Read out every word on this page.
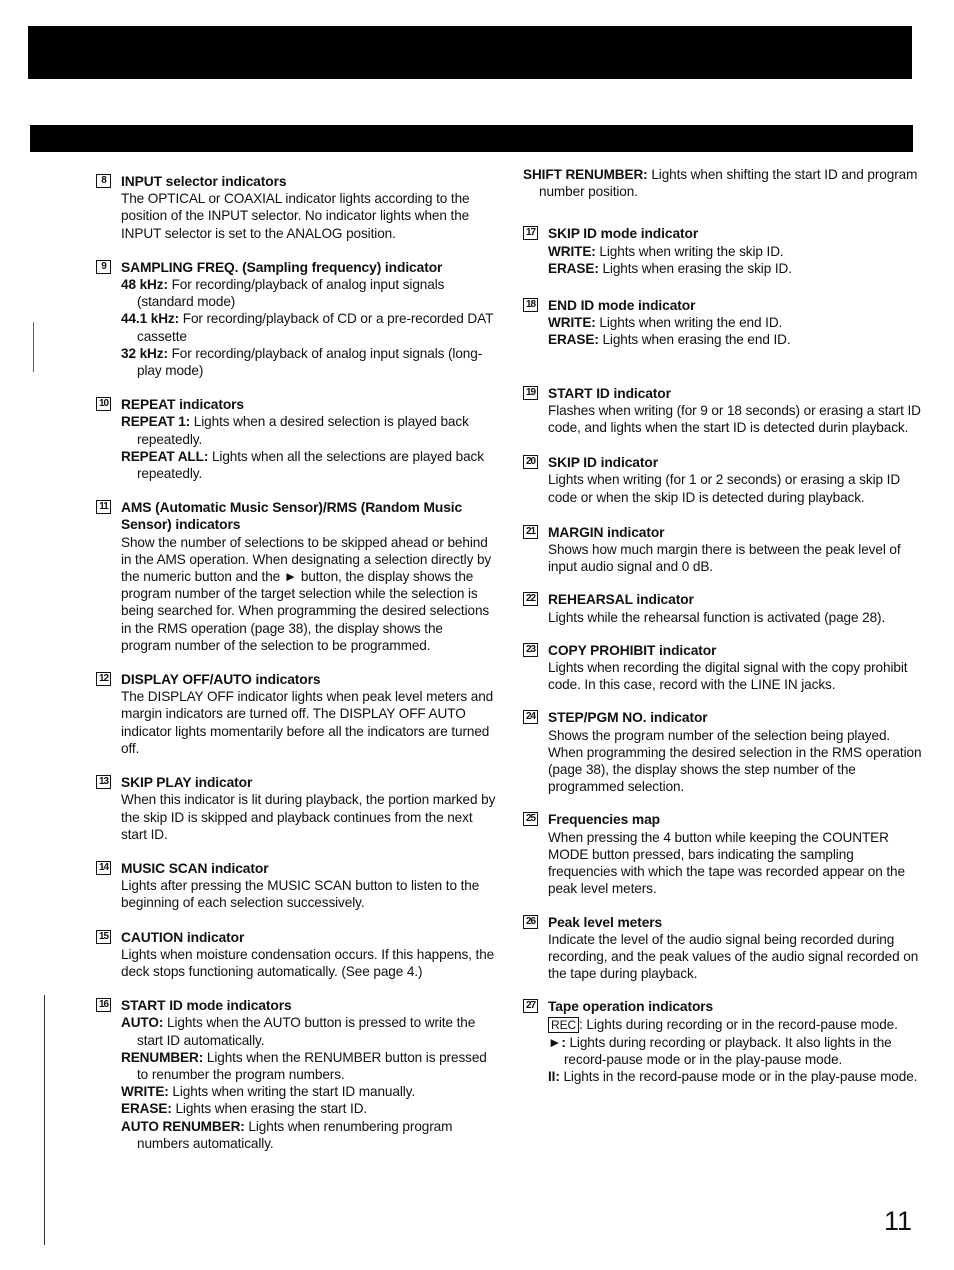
8	INPUT selector indicators

The OPTICAL or COAXIAL indicator lights according to the position of the INPUT selector. No indicator lights when the INPUT selector is set to the ANALOG position.

9	SAMPLING FREQ. (Sampling frequency) indicator

48 kHz: For recording/playback of analog input signals (standard mode)

44.1 kHz: For recording/playback of CD or a pre-recorded DAT cassette

32 kHz: For recording/playback of analog input signals (long-play mode)

10 REPEAT indicators

REPEAT 1: Lights when a desired selection is played back repeatedly.

REPEAT ALL: Lights when all the selections are played back repeatedly.

11 AMS (Automatic Music Sensor)/RMS (Random Music Sensor) indicators

Show the number of selections to be skipped ahead or behind in the AMS operation. When designating a selection directly by the numeric button and the ► button, the display shows the program number of the target selection while the selection is being searched for. When programming the desired selections in the RMS operation (page 38), the display shows the program number of the selection to be programmed.

12 DISPLAY OFF/AUTO indicators

The DISPLAY OFF indicator lights when peak level meters and margin indicators are turned off. The DISPLAY OFF AUTO indicator lights momentarily before all the indicators are turned off.

13 SKIP PLAY indicator

When this indicator is lit during playback, the portion marked by the skip ID is skipped and playback continues from the next start ID.

14 MUSIC SCAN indicator

Lights after pressing the MUSIC SCAN button to listen to the beginning of each selection successively.

15 CAUTION indicator

Lights when moisture condensation occurs. If this happens, the deck stops functioning automatically. (See page 4.)

16 START ID mode indicators

AUTO: Lights when the AUTO button is pressed to write the start ID automatically.

RENUMBER: Lights when the RENUMBER button is pressed to renumber the program numbers.

WRITE: Lights when writing the start ID manually.

ERASE: Lights when erasing the start ID.

AUTO RENUMBER: Lights when renumbering program numbers automatically.

SHIFT RENUMBER: Lights when shifting the start ID and program number position.

17 SKIP ID mode indicator

WRITE: Lights when writing the skip ID.

ERASE: Lights when erasing the skip ID.

18 END ID mode indicator

WRITE: Lights when writing the end ID.

ERASE: Lights when erasing the end ID.

19 START ID indicator

Flashes when writing (for 9 or 18 seconds) or erasing a start ID code, and lights when the start ID is detected durin playback.

20 SKIP ID indicator

Lights when writing (for 1 or 2 seconds) or erasing a skip ID code or when the skip ID is detected during playback.

21 MARGIN indicator

Shows how much margin there is between the peak level of input audio signal and 0 dB.

22 REHEARSAL indicator

Lights while the rehearsal function is activated (page 28).

23 COPY PROHIBIT indicator

Lights when recording the digital signal with the copy prohibit code. In this case, record with the LINE IN jacks.

24 STEP/PGM NO. indicator

Shows the program number of the selection being played. When programming the desired selection in the RMS operation (page 38), the display shows the step number of the programmed selection.

25 Frequencies map

When pressing the 4 button while keeping the COUNTER MODE button pressed, bars indicating the sampling frequencies with which the tape was recorded appear on the peak level meters.

26 Peak level meters

Indicate the level of the audio signal being recorded during recording, and the peak values of the audio signal recorded on the tape during playback.

27 Tape operation indicators

REC : Lights during recording or in the record-pause mode.

►: Lights during recording or playback. It also lights in the record-pause mode or in the play-pause mode.

II: Lights in the record-pause mode or in the play-pause mode.

11
